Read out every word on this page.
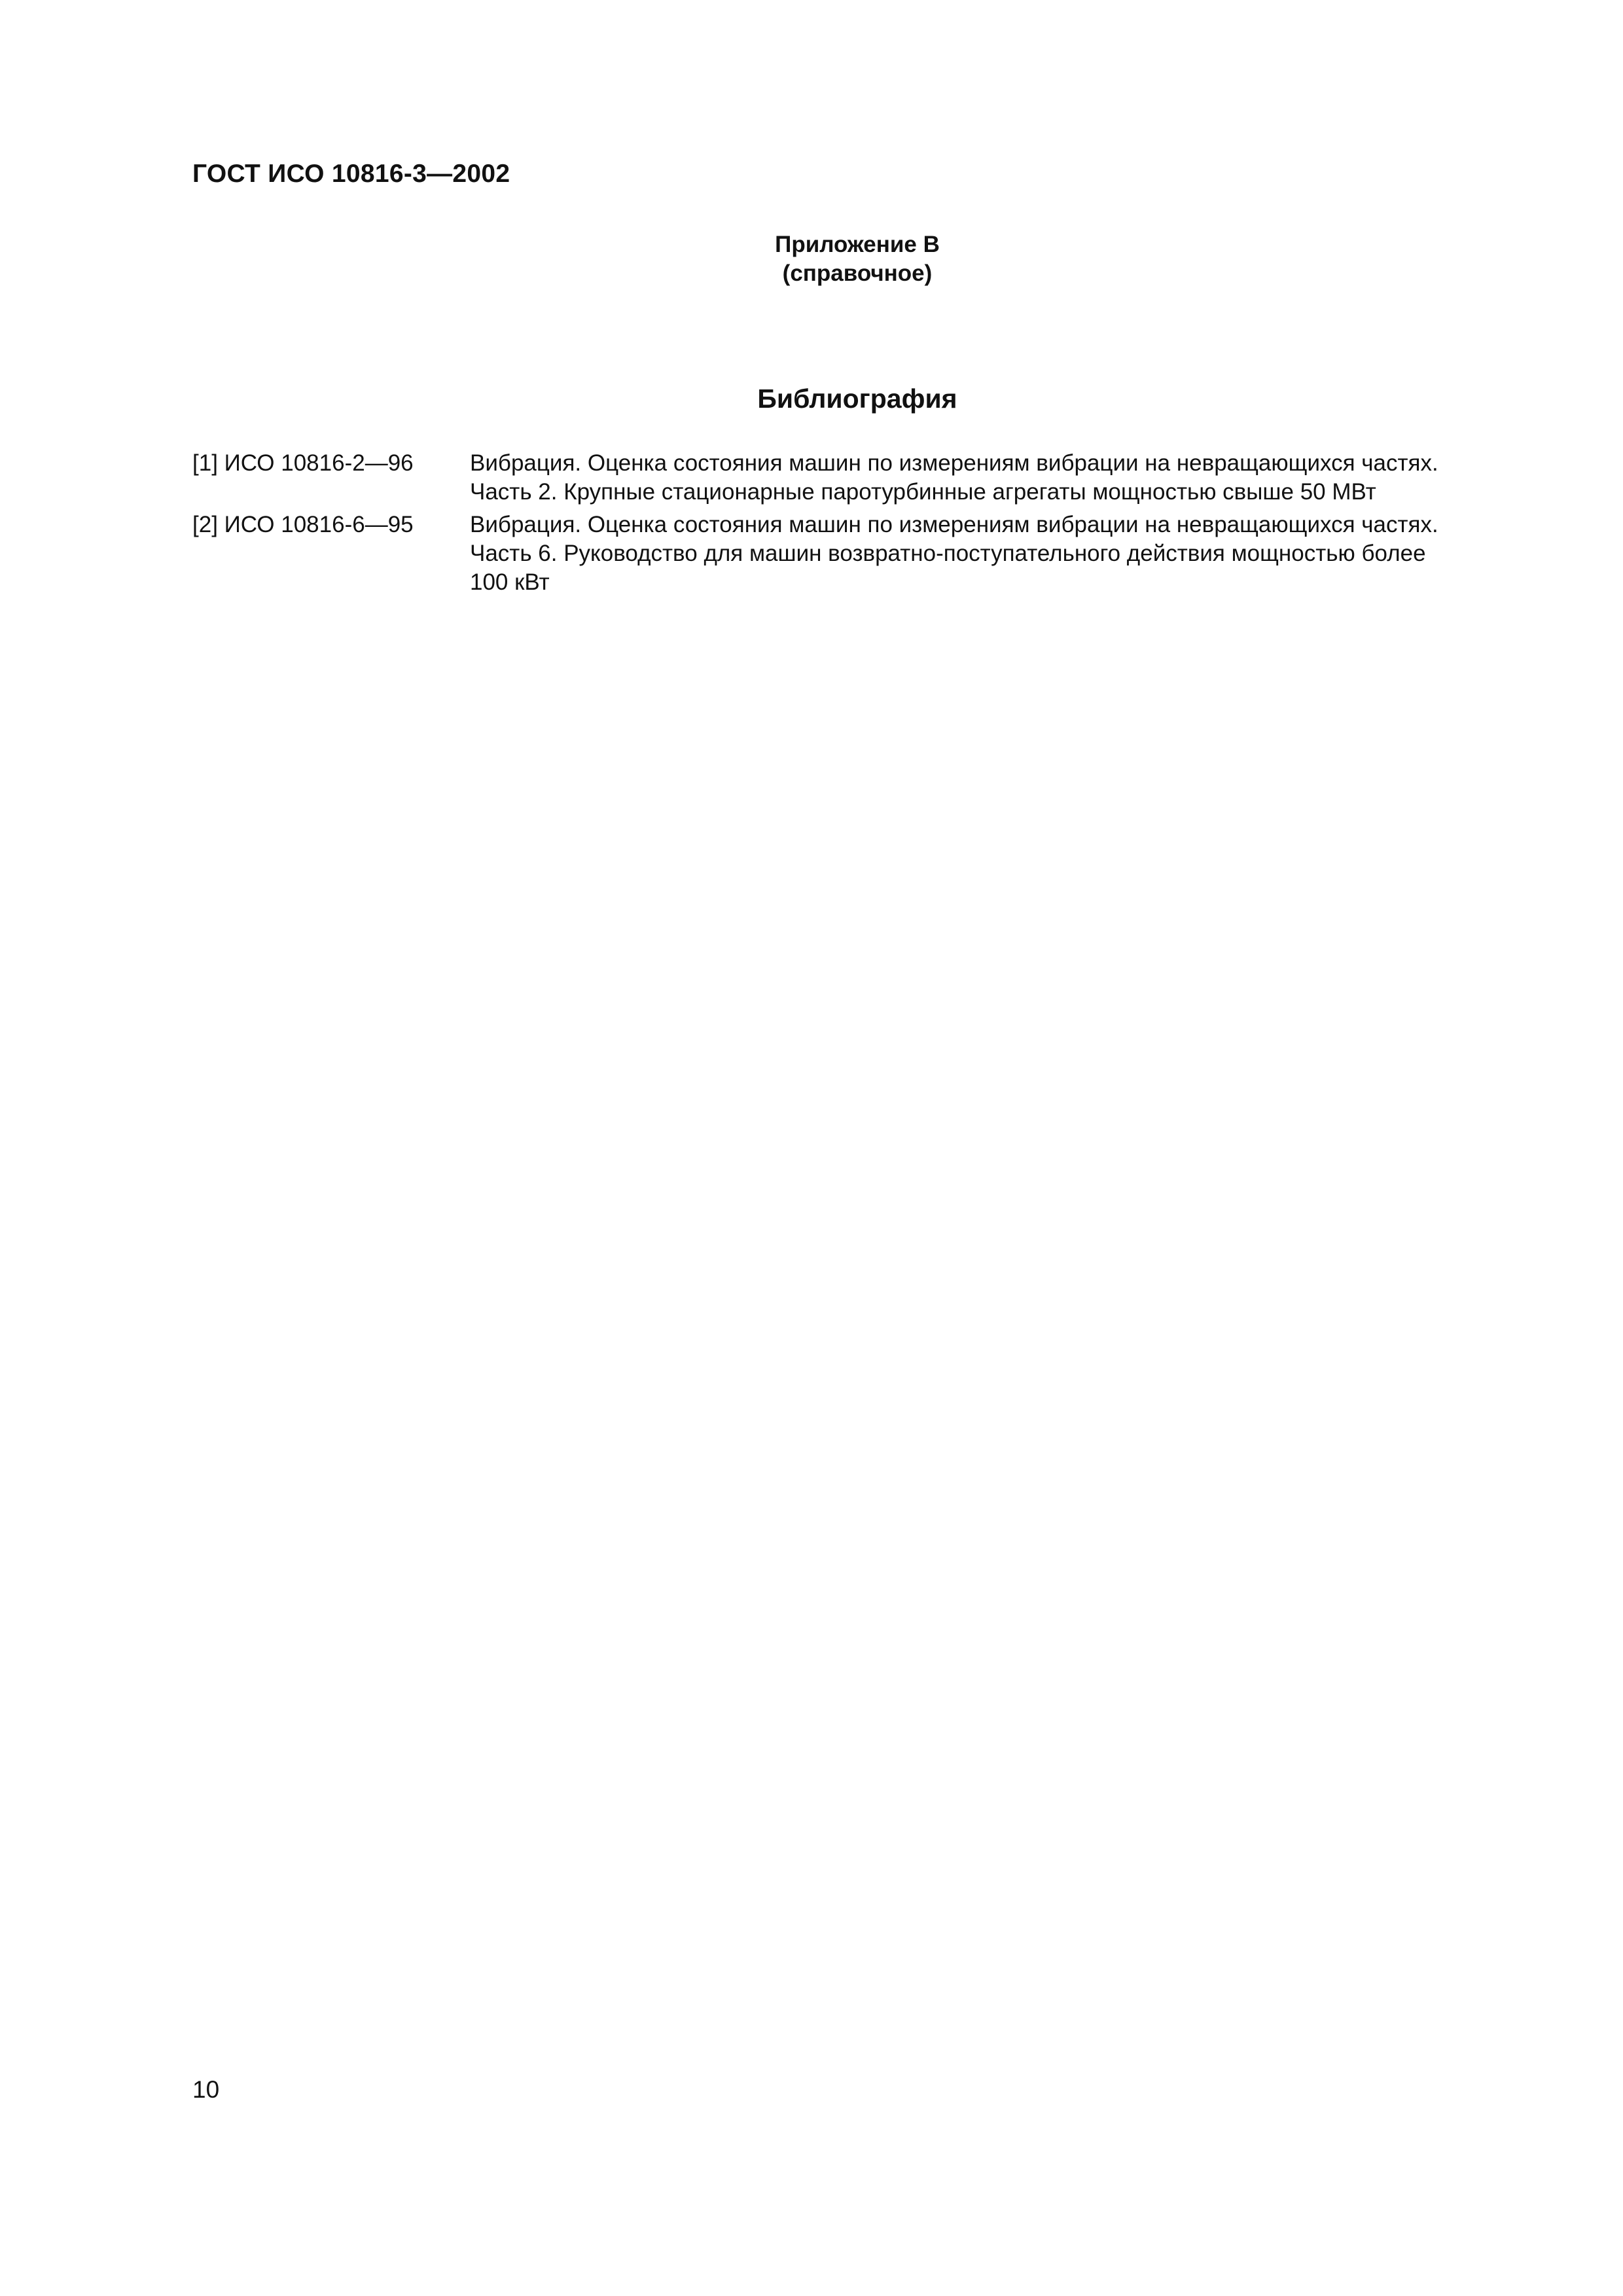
ГОСТ ИСО 10816-3—2002
Приложение В
(справочное)
Библиография
[1] ИСО 10816-2—96 Вибрация. Оценка состояния машин по измерениям вибрации на невращающихся частях.
Часть 2. Крупные стационарные паротурбинные агрегаты мощностью свыше 50 МВт
[2] ИСО 10816-6—95 Вибрация. Оценка состояния машин по измерениям вибрации на невращающихся частях.
Часть 6. Руководство для машин возвратно-поступательного действия мощностью более
100 кВт
10
